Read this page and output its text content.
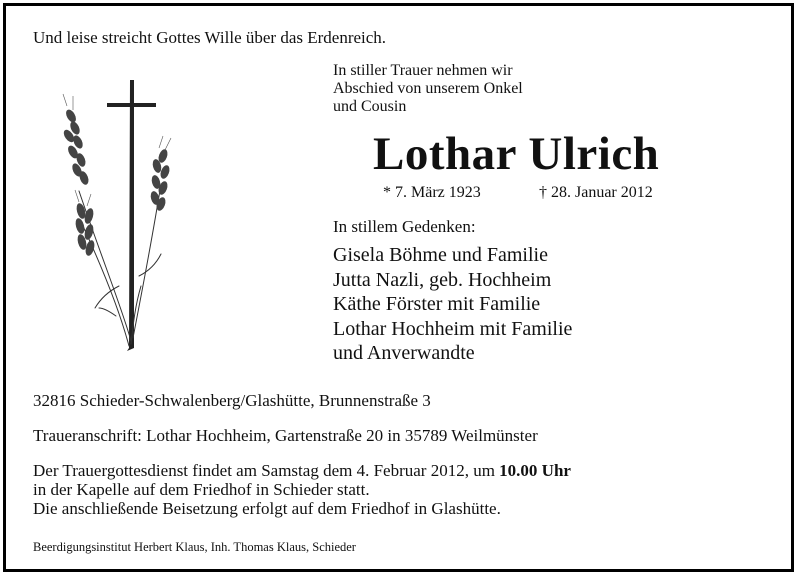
Und leise streicht Gottes Wille über das Erdenreich.
In stiller Trauer nehmen wir
Abschied von unserem Onkel
und Cousin
Lothar Ulrich
* 7. März 1923	† 28. Januar 2012
In stillem Gedenken:
Gisela Böhme und Familie
Jutta Nazli, geb. Hochheim
Käthe Förster mit Familie
Lothar Hochheim mit Familie
und Anverwandte
32816 Schieder-Schwalenberg/Glashütte, Brunnenstraße 3
Traueranschrift: Lothar Hochheim, Gartenstraße 20 in 35789 Weilmünster
Der Trauergottesdienst findet am Samstag dem 4. Februar 2012, um 10.00 Uhr
in der Kapelle auf dem Friedhof in Schieder statt.
Die anschließende Beisetzung erfolgt auf dem Friedhof in Glashütte.
Beerdigungsinstitut Herbert Klaus, Inh. Thomas Klaus, Schieder
